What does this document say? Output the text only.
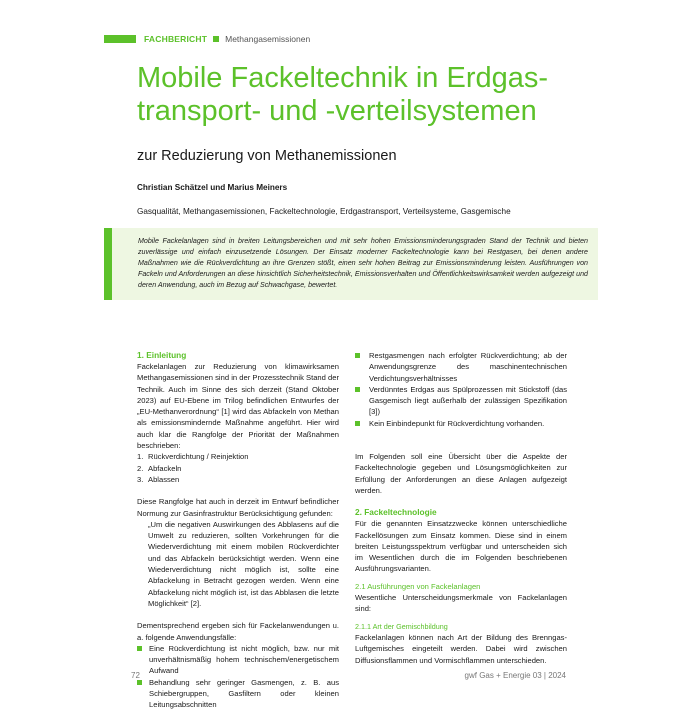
FACHBERICHT Methangasemissionen
Mobile Fackeltechnik in Erdgas-
transport- und -verteilsystemen
zur Reduzierung von Methanemissionen
Christian Schätzel und Marius Meiners
Gasqualität, Methangasemissionen, Fackeltechnologie, Erdgastransport, Verteilsysteme, Gasgemische

Mobile Fackelanlagen sind in breiten Leitungsbereichen und mit sehr hohen Emissionsminderungsgraden Stand der Technik und bieten zuverlässige und einfach einzusetzende Lösungen. Der Einsatz moderner Fackeltechnologie kann bei Restgasen, bei denen andere Maßnahmen wie die Rückverdichtung an ihre Grenzen stößt, einen sehr hohen Beitrag zur Emissionsminderung leisten. Ausführungen von Fackeln und Anforderungen an diese hinsichtlich Sicherheitstechnik, Emissionsverhalten und Öffentlichkeitswirksamkeit werden aufgezeigt und deren Anwendung, auch im Bezug auf Schwachgase, bewertet.

1. Einleitung

Fackelanlagen zur Reduzierung von klimawirksamen Methangasemissionen sind in der Prozesstechnik Stand der Technik. Auch im Sinne des sich derzeit (Stand Oktober 2023) auf EU-Ebene im Trilog befindlichen Entwurfes der „EU-Methanverordnung“ [1] wird das Abfackeln von Methan als emissionsmindernde Maßnahme angeführt. Hier wird auch klar die Rangfolge der Priorität der Maßnahmen beschrieben:

1. Rückverdichtung / Reinjektion
2. Abfackeln
3. Ablassen

Diese Rangfolge hat auch in derzeit im Entwurf befindlicher Normung zur Gasinfrastruktur Berücksichtigung gefunden:

„Um die negativen Auswirkungen des Abblasens auf die Umwelt zu reduzieren, sollten Vorkehrungen für die Wiederverdichtung mit einem mobilen Rückverdichter und das Abfackeln berücksichtigt werden. Wenn eine Wiederverdichtung nicht möglich ist, sollte eine Abfackelung in Betracht gezogen werden. Wenn eine Abfackelung nicht möglich ist, ist das Abblasen die letzte Möglichkeit“ [2].

Dementsprechend ergeben sich für Fackelanwendungen u. a. folgende Anwendungsfälle:

Eine Rückverdichtung ist nicht möglich, bzw. nur mit unverhältnismäßig hohem technischem/energetischem Aufwand
Behandlung sehr geringer Gasmengen, z. B. aus Schiebergruppen, Gasfiltern oder kleinen Leitungsabschnitten
Restgasmengen nach erfolgter Rückverdichtung; ab der Anwendungsgrenze des maschinentechnischen Verdichtungsverhältnisses
Verdünntes Erdgas aus Spülprozessen mit Stickstoff (das Gasgemisch liegt außerhalb der zulässigen Spezifikation [3])
Kein Einbindepunkt für Rückverdichtung vorhanden.

Im Folgenden soll eine Übersicht über die Aspekte der Fackeltechnologie gegeben und Lösungsmöglichkeiten zur Erfüllung der Anforderungen an diese Anlagen aufgezeigt werden.

2. Fackeltechnologie

Für die genannten Einsatzzwecke können unterschiedliche Fackellösungen zum Einsatz kommen. Diese sind in einem breiten Leistungsspektrum verfügbar und unterscheiden sich im Wesentlichen durch die im Folgenden beschriebenen Ausführungsvarianten.

2.1 Ausführungen von Fackelanlagen

Wesentliche Unterscheidungsmerkmale von Fackelanlagen sind:

2.1.1 Art der Gemischbildung

Fackelanlagen können nach Art der Bildung des Brenngas-Luftgemisches eingeteilt werden. Dabei wird zwischen Diffusionsflammen und Vormischflammen unterschieden.

72	gwf Gas + Energie 03 | 2024
